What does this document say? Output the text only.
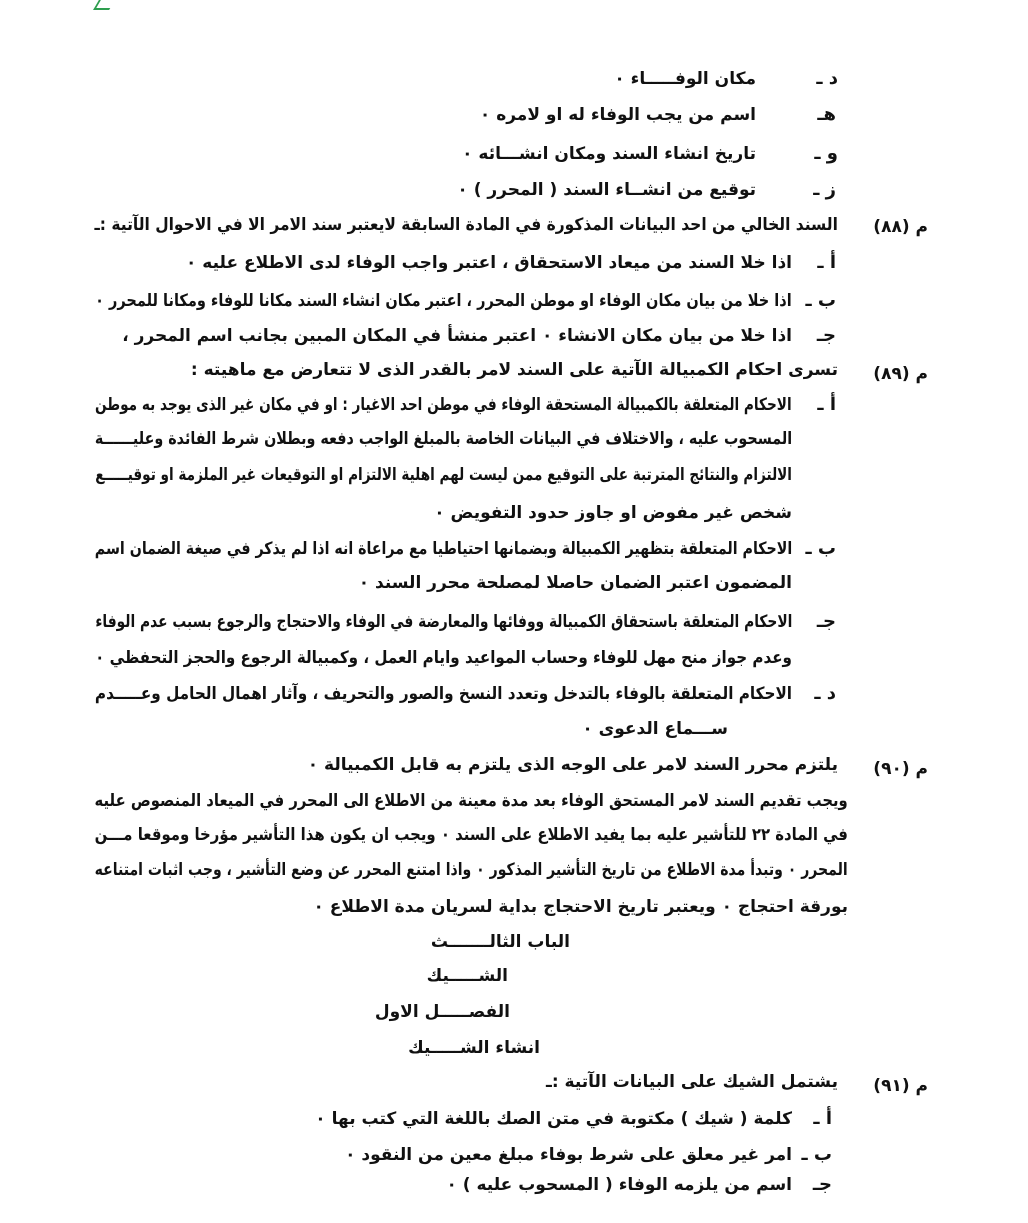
د ـ
مكان الوفـــــاء ٠
هـ
اسم من يجب الوفاء له او لامره ٠
و ـ
تاريخ انشاء السند ومكان انشـــائه ٠
ز ـ
توقيع من انشــاء السند ( المحرر ) ٠
م (٨٨)
السند الخالي من احد البيانات المذكورة في المادة السابقة لايعتبر سند الامر الا في الاحوال الآتية :ـ
أ ـ
اذا خلا السند من ميعاد الاستحقاق ، اعتبر واجب الوفاء لدى الاطلاع عليه ٠
ب ـ
اذا خلا من بيان مكان الوفاء او موطن المحرر ، اعتبر مكان انشاء السند مكانا للوفاء ومكانا للمحرر ٠
جـ
اذا خلا من بيان مكان الانشاء ٠ اعتبر منشأ في المكان المبين بجانب اسم المحرر ،
م (٨٩)
تسرى احكام الكمبيالة الآتية على السند لامر بالقدر الذى لا تتعارض مع ماهيته :
أ ـ
الاحكام المتعلقة بالكمبيالة المستحقة الوفاء في موطن احد الاغيار : او في مكان غير الذى يوجد به موطن
المسحوب عليه ، والاختلاف في البيانات الخاصة بالمبلغ الواجب دفعه وبطلان شرط الفائدة وعليــــــة
الالتزام والنتائج المترتبة على التوقيع ممن ليست لهم اهلية الالتزام او التوقيعات غير الملزمة او توقيـــــع
شخص غير مفوض او جاوز حدود التفويض ٠
ب ـ
الاحكام المتعلقة بتظهير الكمبيالة وبضمانها احتياطيا مع مراعاة انه اذا لم يذكر في صيغة الضمان اسم
المضمون اعتبر الضمان حاصلا لمصلحة محرر السند ٠
جـ
الاحكام المتعلقة باستحقاق الكمبيالة ووفائها والمعارضة في الوفاء والاحتجاج والرجوع بسبب عدم الوفاء
وعدم جواز منح مهل للوفاء وحساب المواعيد وايام العمل ، وكمبيالة الرجوع والحجز التحفظي ٠
د ـ
الاحكام المتعلقة بالوفاء بالتدخل وتعدد النسخ والصور والتحريف ، وآثار اهمال الحامل وعـــــدم
ســـماع الدعوى ٠
م (٩٠)
يلتزم محرر السند لامر على الوجه الذى يلتزم به قابل الكمبيالة ٠
ويجب تقديم السند لامر المستحق الوفاء بعد مدة معينة من الاطلاع الى المحرر في الميعاد المنصوص عليه
في المادة ٢٢ للتأشير عليه بما يفيد الاطلاع على السند ٠ ويجب ان يكون هذا التأشير مؤرخا وموقعا مـــن
المحرر ٠ وتبدأ مدة الاطلاع من تاريخ التأشير المذكور ٠ واذا امتنع المحرر عن وضع التأشير ، وجب اثبات امتناعه
بورقة احتجاج ٠ ويعتبر تاريخ الاحتجاج بداية لسريان مدة الاطلاع ٠
الباب الثالـــــــث
الشـــــيك
الفصـــــل الاول
انشاء الشـــــيك
م (٩١)
يشتمل الشيك على البيانات الآتية :ـ
أ ـ
كلمة ( شيك ) مكتوبة في متن الصك باللغة التي كتب بها ٠
ب ـ
امر غير معلق على شرط بوفاء مبلغ معين من النقود ٠
جـ
اسم من يلزمه الوفاء ( المسحوب عليه ) ٠
